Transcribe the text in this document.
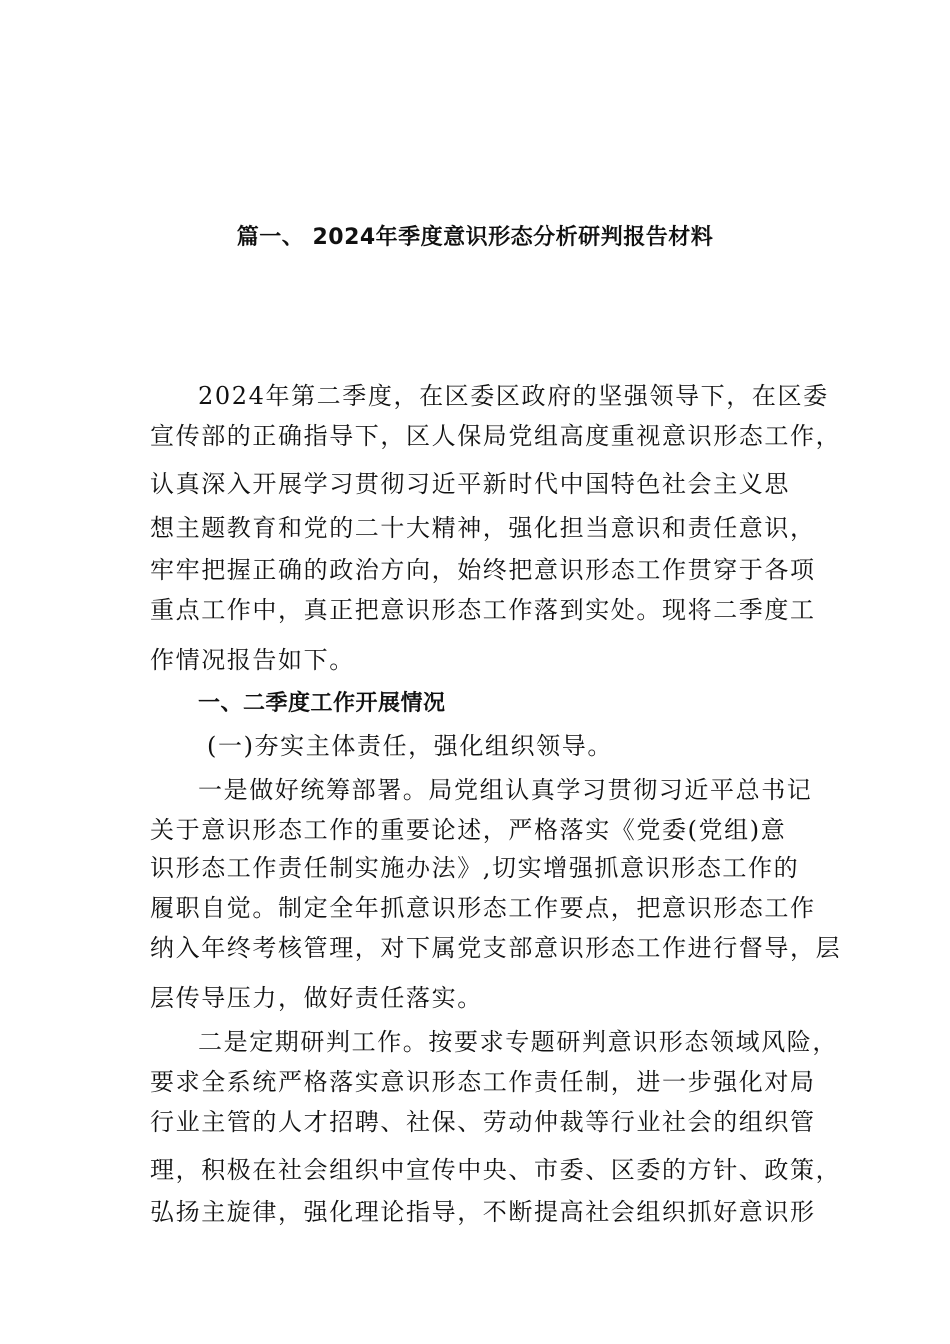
篇一、 2024年季度意识形态分析研判报告材料
2024年第二季度，在区委区政府的坚强领导下，在区委
宣传部的正确指导下，区人保局党组高度重视意识形态工作，
认真深入开展学习贯彻习近平新时代中国特色社会主义思
想主题教育和党的二十大精神，强化担当意识和责任意识，
牢牢把握正确的政治方向，始终把意识形态工作贯穿于各项
重点工作中，真正把意识形态工作落到实处。现将二季度工
作情况报告如下。
一、二季度工作开展情况
(一)夯实主体责任，强化组织领导。
一是做好统筹部署。局党组认真学习贯彻习近平总书记
关于意识形态工作的重要论述，严格落实《党委(党组)意
识形态工作责任制实施办法》,切实增强抓意识形态工作的
履职自觉。制定全年抓意识形态工作要点，把意识形态工作
纳入年终考核管理，对下属党支部意识形态工作进行督导，层
层传导压力，做好责任落实。
二是定期研判工作。按要求专题研判意识形态领域风险，
要求全系统严格落实意识形态工作责任制，进一步强化对局
行业主管的人才招聘、社保、劳动仲裁等行业社会的组织管
理，积极在社会组织中宣传中央、市委、区委的方针、政策，
弘扬主旋律，强化理论指导，不断提高社会组织抓好意识形
